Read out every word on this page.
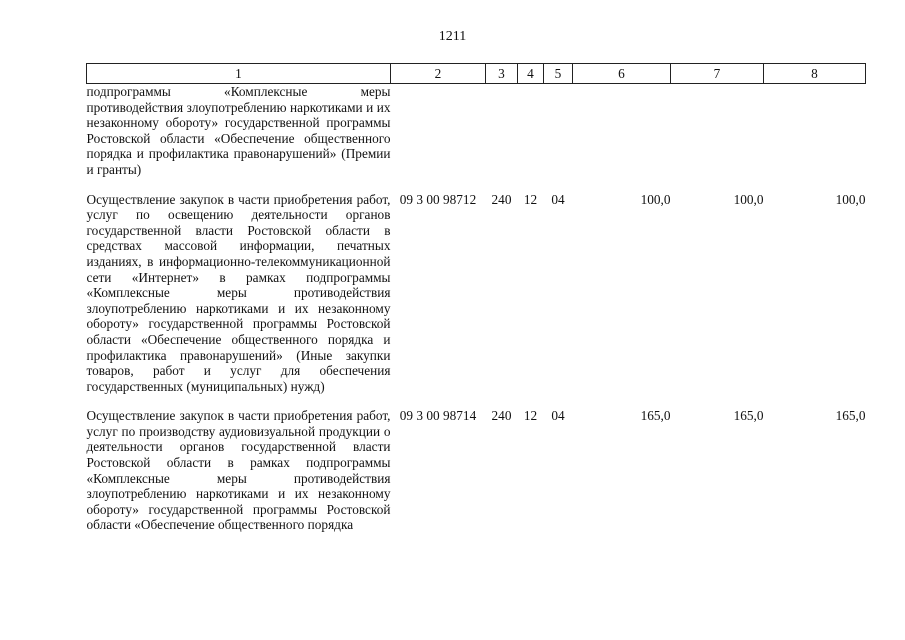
1211
1	2	3	4	5	6	7	8
подпрограммы «Комплексные меры противодействия злоупотреблению наркотиками и их незаконному обороту» государственной программы Ростовской области «Обеспечение общественного порядка и профилактика правонарушений» (Премии и гранты)							

Осуществление закупок в части приобретения работ, услуг по освещению деятельности органов государственной власти Ростовской области в средствах массовой информации, печатных изданиях, в информационно-телекоммуникационной сети «Интернет» в рамках подпрограммы «Комплексные меры противодействия злоупотреблению наркотиками и их незаконному обороту» государственной программы Ростовской области «Обеспечение общественного порядка и профилактика правонарушений» (Иные закупки товаров, работ и услуг для обеспечения государственных (муниципальных) нужд)	09 3 00 98712	240	12	04	100,0	100,0	100,0

Осуществление закупок в части приобретения работ, услуг по производству аудиовизуальной продукции о деятельности органов государственной власти Ростовской области в рамках подпрограммы «Комплексные меры противодействия злоупотреблению наркотиками и их незаконному обороту» государственной программы Ростовской области «Обеспечение общественного порядка	09 3 00 98714	240	12	04	165,0	165,0	165,0
